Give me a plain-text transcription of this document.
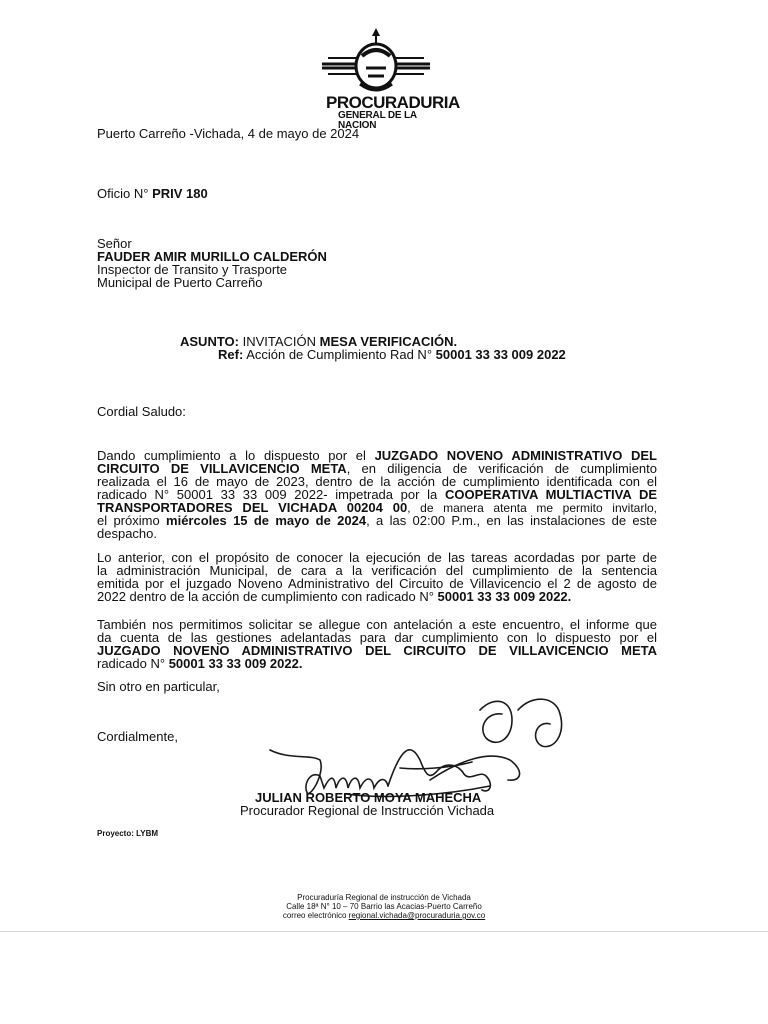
PROCURADURIA
GENERAL DE LA NACION
Puerto Carreño -Vichada, 4 de mayo de 2024
Oficio N° PRIV 180
Señor
FAUDER AMIR MURILLO CALDERÓN
Inspector de Transito y Trasporte
Municipal de Puerto Carreño
ASUNTO: INVITACIÓN MESA VERIFICACIÓN.
Ref: Acción de Cumplimiento Rad N° 50001 33 33 009 2022
Cordial Saludo:
Dando cumplimiento a lo dispuesto por el JUZGADO NOVENO ADMINISTRATIVO DEL
CIRCUITO DE VILLAVICENCIO META, en diligencia de verificación de cumplimiento
realizada el 16 de mayo de 2023, dentro de la acción de cumplimiento identificada con el
radicado N° 50001 33 33 009 2022- impetrada por la COOPERATIVA MULTIACTIVA DE
TRANSPORTADORES DEL VICHADA 00204 00, de manera atenta me permito invitarlo,
el próximo miércoles 15 de mayo de 2024, a las 02:00 P.m., en las instalaciones de este
despacho.
Lo anterior, con el propósito de conocer la ejecución de las tareas acordadas por parte de
la administración Municipal, de cara a la verificación del cumplimiento de la sentencia
emitida por el juzgado Noveno Administrativo del Circuito de Villavicencio el 2 de agosto de
2022 dentro de la acción de cumplimiento con radicado N° 50001 33 33 009 2022.
También nos permitimos solicitar se allegue con antelación a este encuentro, el informe que
da cuenta de las gestiones adelantadas para dar cumplimiento con lo dispuesto por el
JUZGADO NOVENO ADMINISTRATIVO DEL CIRCUITO DE VILLAVICENCIO META
radicado N° 50001 33 33 009 2022.
Sin otro en particular,
Cordialmente,
JULIAN ROBERTO MOYA MAHECHA
Procurador Regional de Instrucción Vichada
Proyecto: LYBM
Procuraduría Regional de instrucción de Vichada
Calle 18ª N° 10 – 70 Barrio las Acacias-Puerto Carreño
correo electrónico regional.vichada@procuraduria.gov.co
